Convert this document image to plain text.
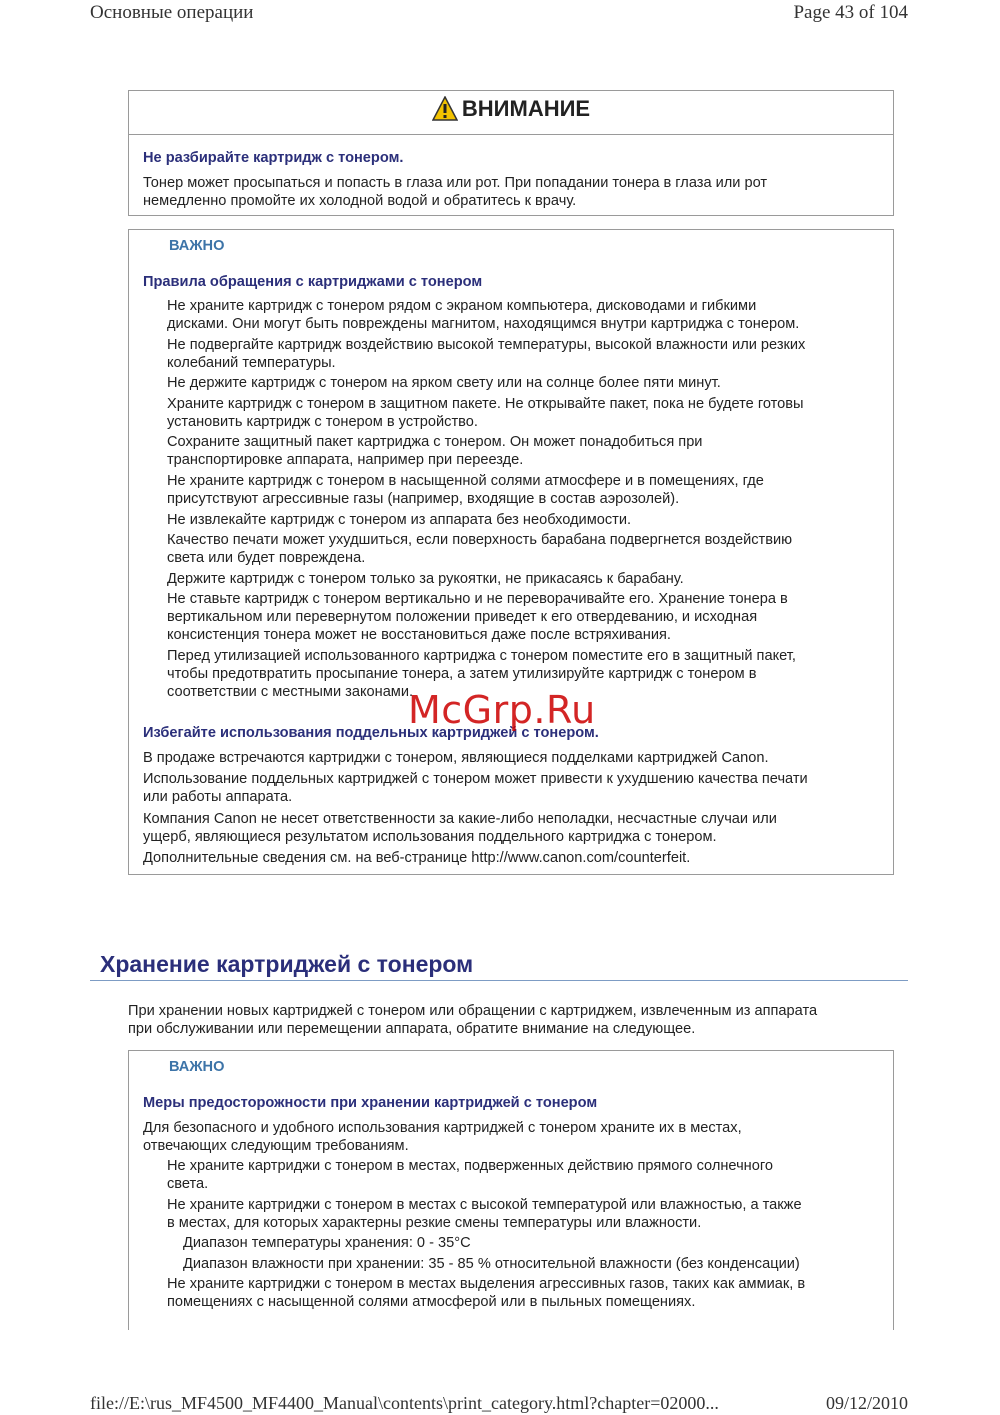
Основные операции	Page 43 of 104
ВНИМАНИЕ
Не разбирайте картридж с тонером.
Тонер может просыпаться и попасть в глаза или рот. При попадании тонера в глаза или рот
немедленно промойте их холодной водой и обратитесь к врачу.
ВАЖНО
Правила обращения с картриджами с тонером
Не храните картридж с тонером рядом с экраном компьютера, дисководами и гибкими
дисками. Они могут быть повреждены магнитом, находящимся внутри картриджа с тонером.
Не подвергайте картридж воздействию высокой температуры, высокой влажности или резких
колебаний температуры.
Не держите картридж с тонером на ярком свету или на солнце более пяти минут.
Храните картридж с тонером в защитном пакете. Не открывайте пакет, пока не будете готовы
установить картридж с тонером в устройство.
Сохраните защитный пакет картриджа с тонером. Он может понадобиться при
транспортировке аппарата, например при переезде.
Не храните картридж с тонером в насыщенной солями атмосфере и в помещениях, где
присутствуют агрессивные газы (например, входящие в состав аэрозолей).
Не извлекайте картридж с тонером из аппарата без необходимости.
Качество печати может ухудшиться, если поверхность барабана подвергнется воздействию
света или будет повреждена.
Держите картридж с тонером только за рукоятки, не прикасаясь к барабану.
Не ставьте картридж с тонером вертикально и не переворачивайте его. Хранение тонера в
вертикальном или перевернутом положении приведет к его отвердеванию, и исходная
консистенция тонера может не восстановиться даже после встряхивания.
Перед утилизацией использованного картриджа с тонером поместите его в защитный пакет,
чтобы предотвратить просыпание тонера, а затем утилизируйте картридж с тонером в
соответствии с местными законами.
Избегайте использования поддельных картриджей с тонером.
В продаже встречаются картриджи с тонером, являющиеся подделками картриджей Canon.
Использование поддельных картриджей с тонером может привести к ухудшению качества печати
или работы аппарата.
Компания Canon не несет ответственности за какие-либо неполадки, несчастные случаи или
ущерб, являющиеся результатом использования поддельного картриджа с тонером.
Дополнительные сведения см. на веб-странице http://www.canon.com/counterfeit.
McGrp.Ru
Хранение картриджей с тонером
При хранении новых картриджей с тонером или обращении с картриджем, извлеченным из аппарата
при обслуживании или перемещении аппарата, обратите внимание на следующее.
ВАЖНО
Меры предосторожности при хранении картриджей с тонером
Для безопасного и удобного использования картриджей с тонером храните их в местах,
отвечающих следующим требованиям.
Не храните картриджи с тонером в местах, подверженных действию прямого солнечного
света.
Не храните картриджи с тонером в местах с высокой температурой или влажностью, а также
в местах, для которых характерны резкие смены температуры или влажности.
Диапазон температуры хранения: 0 - 35°C
Диапазон влажности при хранении: 35 - 85 % относительной влажности (без конденсации)
Не храните картриджи с тонером в местах выделения агрессивных газов, таких как аммиак, в
помещениях с насыщенной солями атмосферой или в пыльных помещениях.
file://E:\rus_MF4500_MF4400_Manual\contents\print_category.html?chapter=02000...	09/12/2010
